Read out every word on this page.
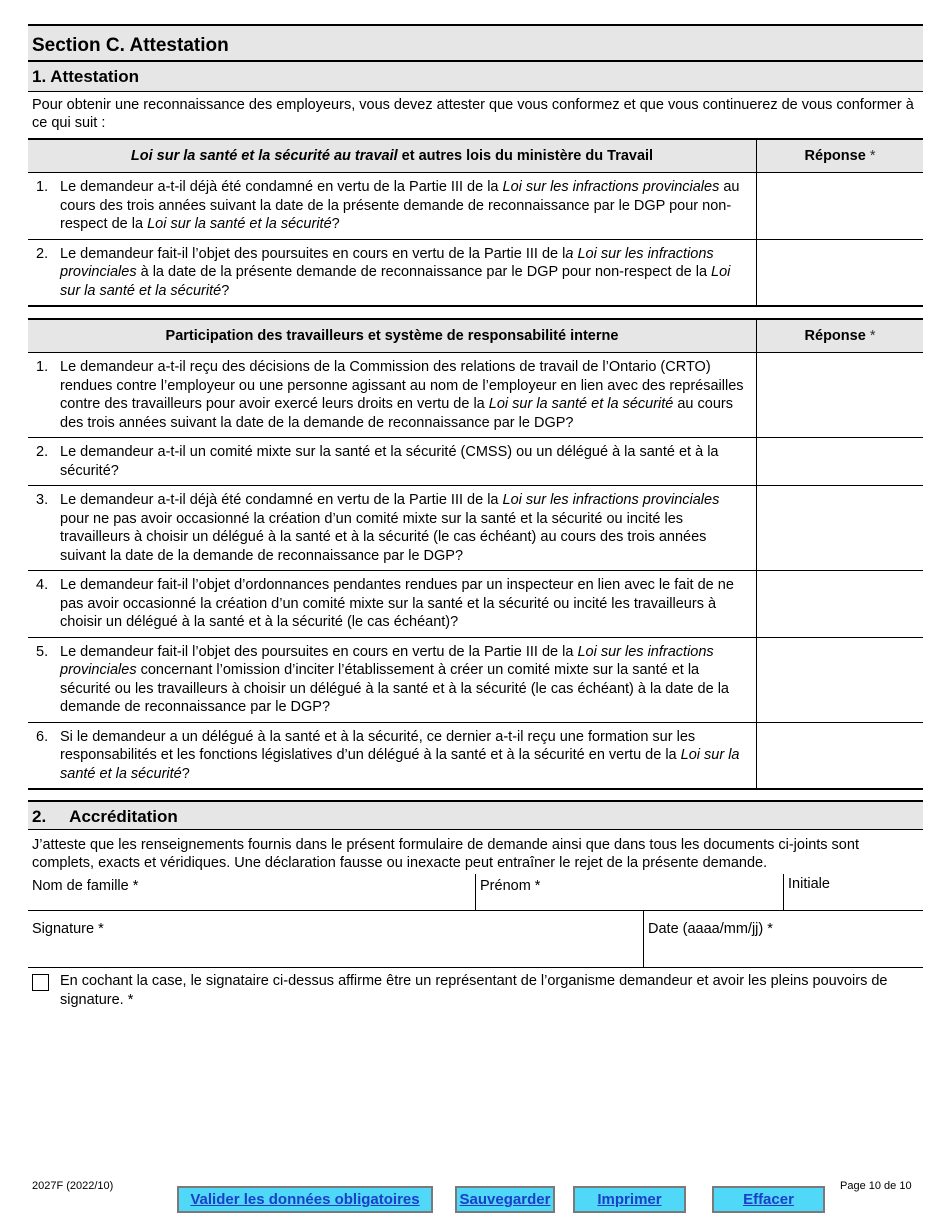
Section C. Attestation
1. Attestation
Pour obtenir une reconnaissance des employeurs, vous devez attester que vous conformez et que vous continuerez de vous conformer à ce qui suit :
Loi sur la santé et la sécurité au travail et autres lois du ministère du Travail	Réponse *

1. Le demandeur a-t-il déjà été condamné en vertu de la Partie III de la Loi sur les infractions provinciales au cours des trois années suivant la date de la présente demande de reconnaissance par le DGP pour non-respect de la Loi sur la santé et la sécurité?	

2. Le demandeur fait-il l’objet des poursuites en cours en vertu de la Partie III de la Loi sur les infractions provinciales à la date de la présente demande de reconnaissance par le DGP pour non-respect de la Loi sur la santé et la sécurité?	

Participation des travailleurs et système de responsabilité interne	Réponse *

1. Le demandeur a-t-il reçu des décisions de la Commission des relations de travail de l’Ontario (CRTO) rendues contre l’employeur ou une personne agissant au nom de l’employeur en lien avec des représailles contre des travailleurs pour avoir exercé leurs droits en vertu de la Loi sur la santé et la sécurité au cours des trois années suivant la date de la demande de reconnaissance par le DGP?	

2. Le demandeur a-t-il un comité mixte sur la santé et la sécurité (CMSS) ou un délégué à la santé et à la sécurité?	

3. Le demandeur a-t-il déjà été condamné en vertu de la Partie III de la Loi sur les infractions provinciales pour ne pas avoir occasionné la création d’un comité mixte sur la santé et la sécurité ou incité les travailleurs à choisir un délégué à la santé et à la sécurité (le cas échéant) au cours des trois années suivant la date de la demande de reconnaissance par le DGP?	

4. Le demandeur fait-il l’objet d’ordonnances pendantes rendues par un inspecteur en lien avec le fait de ne pas avoir occasionné la création d’un comité mixte sur la santé et la sécurité ou incité les travailleurs à choisir un délégué à la santé et à la sécurité (le cas échéant)?	

5. Le demandeur fait-il l’objet des poursuites en cours en vertu de la Partie III de la Loi sur les infractions provinciales concernant l’omission d’inciter l’établissement à créer un comité mixte sur la santé et la sécurité ou les travailleurs à choisir un délégué à la santé et à la sécurité (le cas échéant) à la date de la demande de reconnaissance par le DGP?	

6. Si le demandeur a un délégué à la santé et à la sécurité, ce dernier a-t-il reçu une formation sur les responsabilités et les fonctions législatives d’un délégué à la santé et à la sécurité en vertu de la Loi sur la santé et la sécurité?	

2.     Accréditation
J’atteste que les renseignements fournis dans le présent formulaire de demande ainsi que dans tous les documents ci-joints sont complets, exacts et véridiques. Une déclaration fausse ou inexacte peut entraîner le rejet de la présente demande.
Nom de famille *	Prénom *	Initiale
Signature *	Date (aaaa/mm/jj) *
En cochant la case, le signataire ci-dessus affirme être un représentant de l’organisme demandeur et avoir les pleins pouvoirs de signature. *
2027F (2022/10)	Page 10 de 10
Valider les données obligatoires	Sauvegarder	Imprimer	Effacer
